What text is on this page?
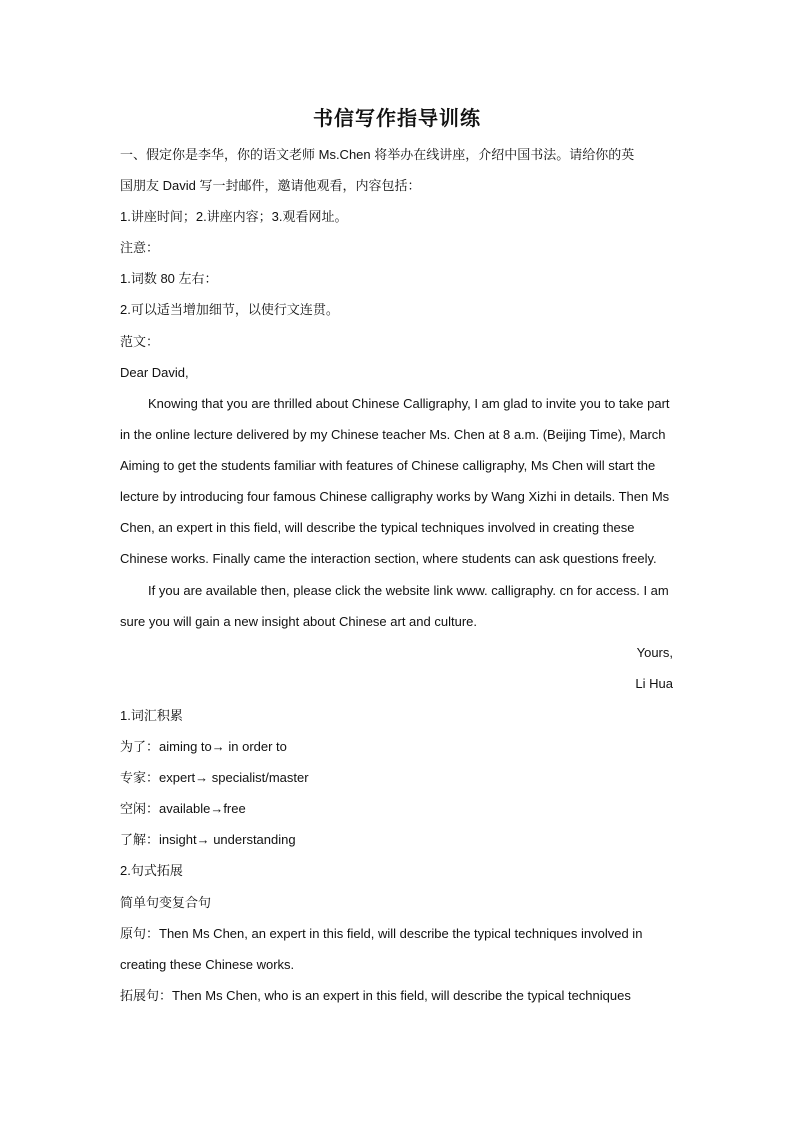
书信写作指导训练
一、假定你是李华，你的语文老师 Ms.Chen 将举办在线讲座，介绍中国书法。请给你的英
国朋友 David 写一封邮件，邀请他观看，内容包括：
1.讲座时间；2.讲座内容；3.观看网址。
注意：
1.词数 80 左右：
2.可以适当增加细节，以使行文连贯。
范文：
Dear David,
Knowing that you are thrilled about Chinese Calligraphy, I am glad to invite you to take part
in the online lecture delivered by my Chinese teacher Ms. Chen at 8 a.m. (Beijing Time), March
Aiming to get the students familiar with features of Chinese calligraphy, Ms Chen will start the
lecture by introducing four famous Chinese calligraphy works by Wang Xizhi in details. Then Ms
Chen, an expert in this field, will describe the typical techniques involved in creating these
Chinese works. Finally came the interaction section, where students can ask questions freely.
If you are available then, please click the website link www. calligraphy. cn for access. I am
sure you will gain a new insight about Chinese art and culture.
Yours,
Li Hua
1.词汇积累
为了：aiming to→ in order to
专家：expert→ specialist/master
空闲：available→free
了解：insight→ understanding
2.句式拓展
简单句变复合句
原句：Then Ms Chen, an expert in this field, will describe the typical techniques involved in
creating these Chinese works.
拓展句：Then Ms Chen, who is an expert in this field, will describe the typical techniques
